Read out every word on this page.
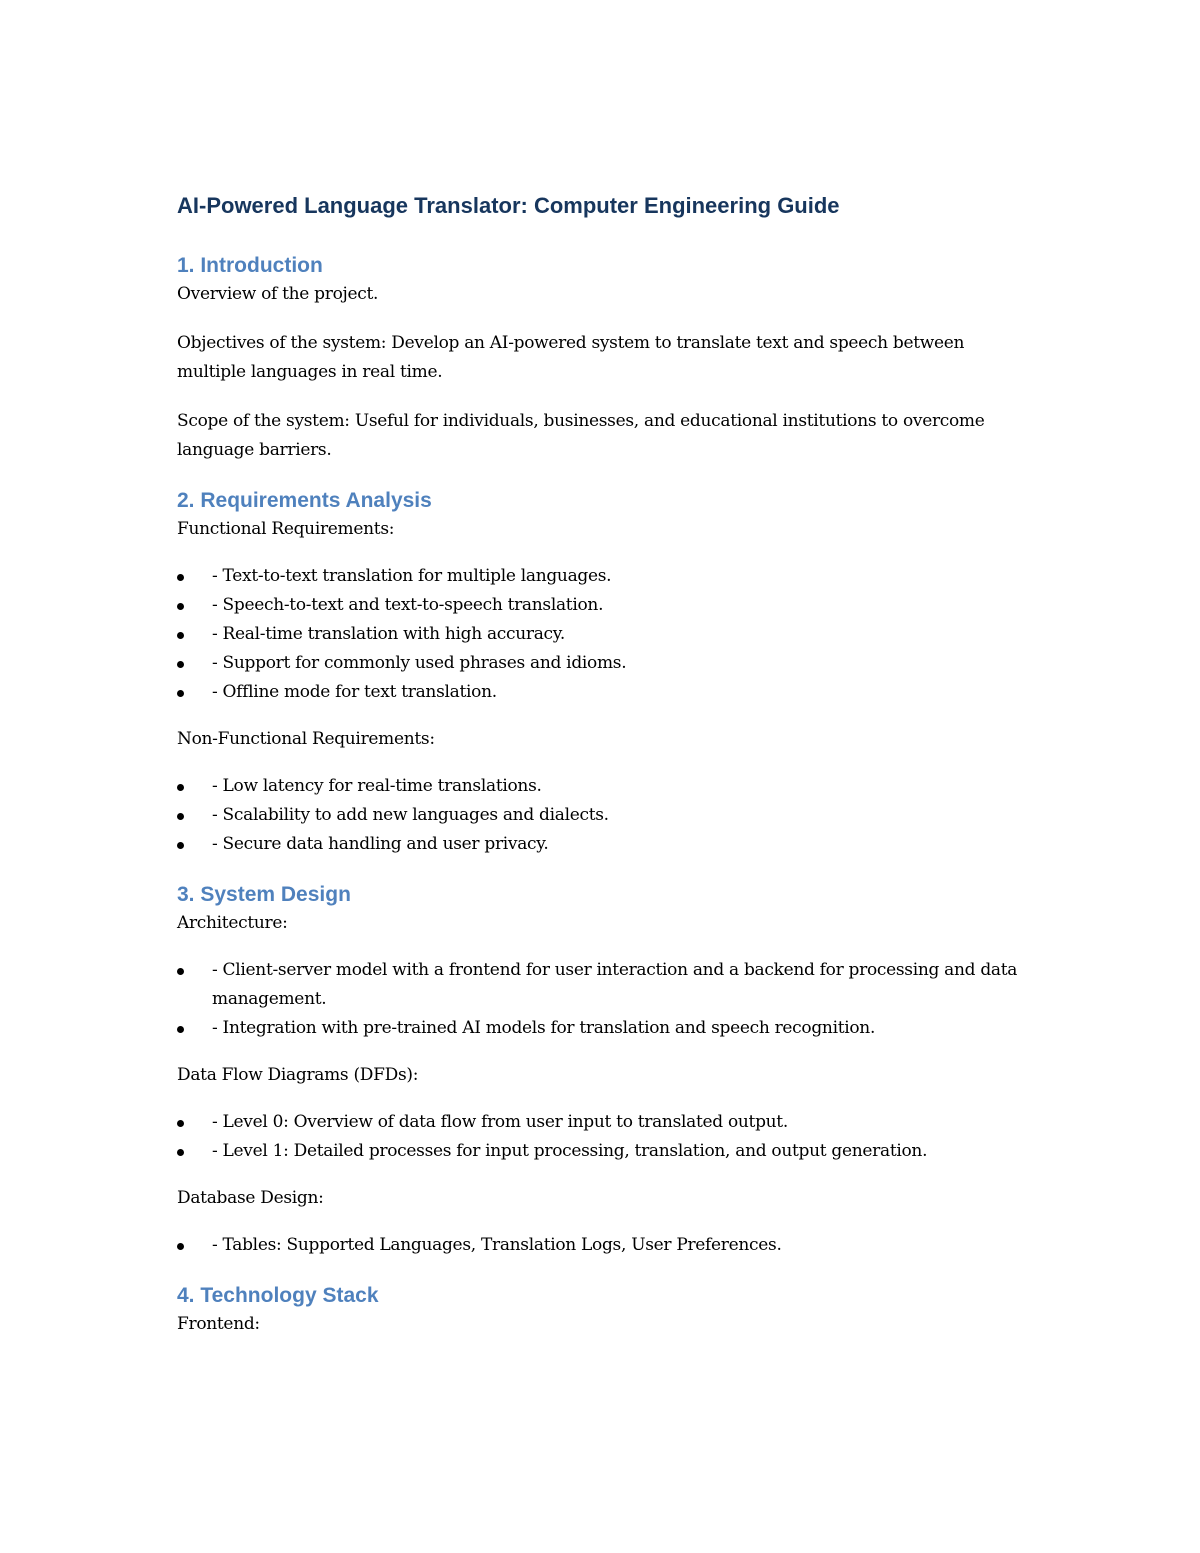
AI-Powered Language Translator: Computer Engineering Guide
1. Introduction

Overview of the project.

Objectives of the system: Develop an AI-powered system to translate text and speech between multiple languages in real time.

Scope of the system: Useful for individuals, businesses, and educational institutions to overcome language barriers.

2. Requirements Analysis

Functional Requirements:

- Text-to-text translation for multiple languages.
- Speech-to-text and text-to-speech translation.
- Real-time translation with high accuracy.
- Support for commonly used phrases and idioms.
- Offline mode for text translation.

Non-Functional Requirements:

- Low latency for real-time translations.
- Scalability to add new languages and dialects.
- Secure data handling and user privacy.
3. System Design

Architecture:

- Client-server model with a frontend for user interaction and a backend for processing and data management.
- Integration with pre-trained AI models for translation and speech recognition.

Data Flow Diagrams (DFDs):

- Level 0: Overview of data flow from user input to translated output.
- Level 1: Detailed processes for input processing, translation, and output generation.

Database Design:

- Tables: Supported Languages, Translation Logs, User Preferences.
4. Technology Stack

Frontend:
